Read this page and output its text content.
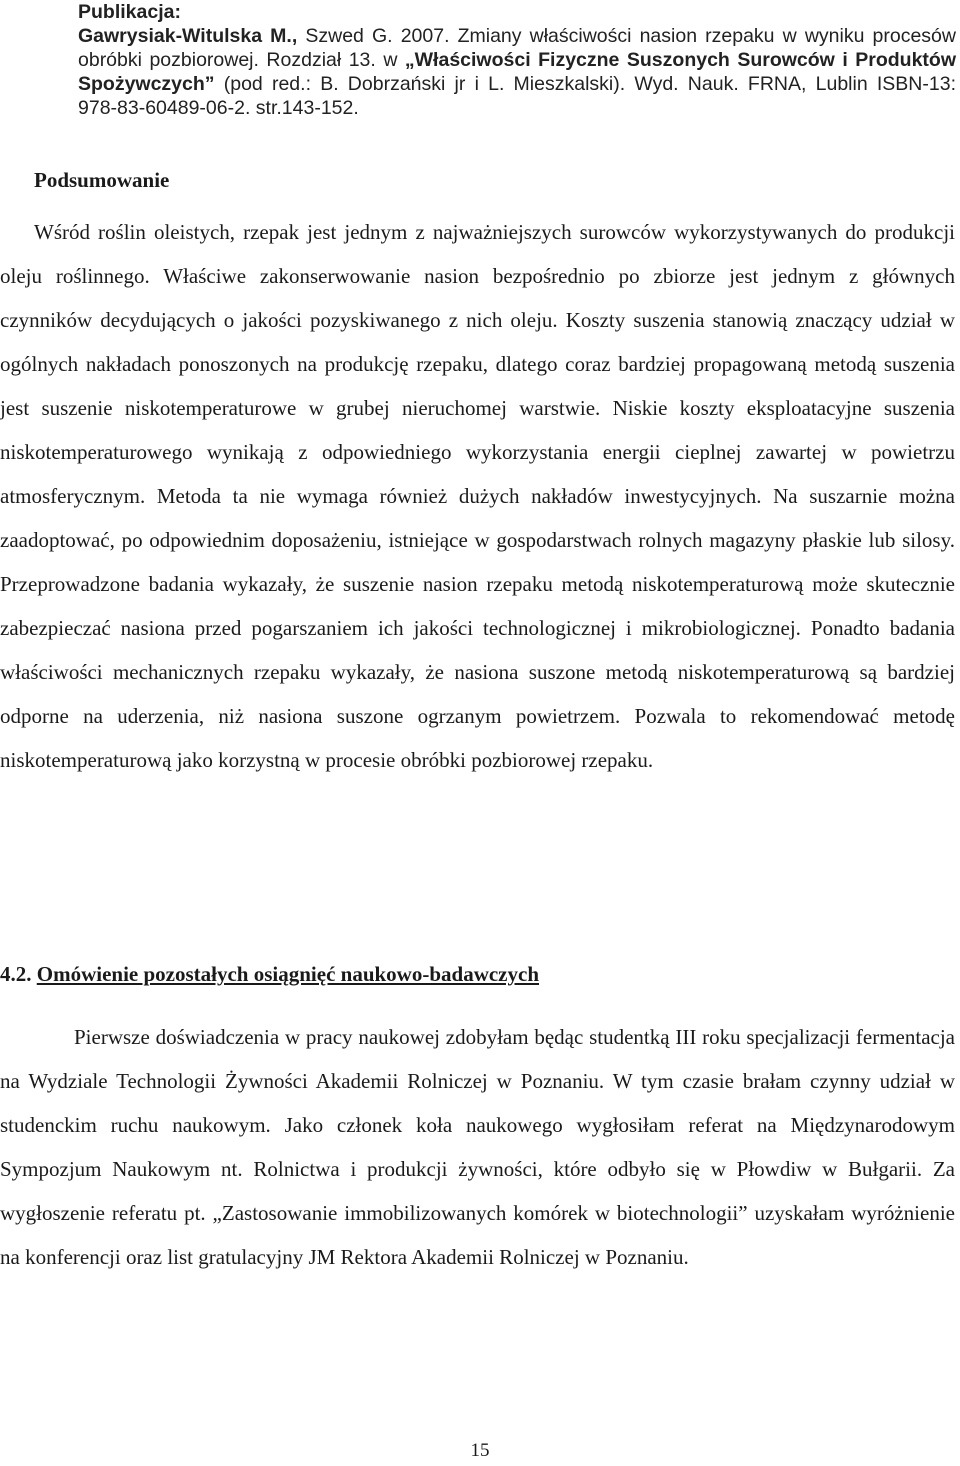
Publikacja:
Gawrysiak-Witulska M., Szwed G. 2007. Zmiany właściwości nasion rzepaku w wyniku procesów
obróbki pozbiorowej. Rozdział 13. w „Właściwości Fizyczne Suszonych Surowców i Produktów
Spożywczych” (pod red.: B. Dobrzański jr i L. Mieszkalski). Wyd. Nauk. FRNA, Lublin ISBN-13:
978-83-60489-06-2. str.143-152.
Podsumowanie

Wśród roślin oleistych, rzepak jest jednym z najważniejszych surowców wykorzystywanych do produkcji oleju roślinnego. Właściwe zakonserwowanie nasion bezpośrednio po zbiorze jest jednym z głównych czynników decydujących o jakości pozyskiwanego z nich oleju. Koszty suszenia stanowią znaczący udział w ogólnych nakładach ponoszonych na produkcję rzepaku, dlatego coraz bardziej propagowaną metodą suszenia jest suszenie niskotemperaturowe w grubej nieruchomej warstwie. Niskie koszty eksploatacyjne suszenia niskotemperaturowego wynikają z odpowiedniego wykorzystania energii cieplnej zawartej w powietrzu atmosferycznym. Metoda ta nie wymaga również dużych nakładów inwestycyjnych. Na suszarnie można zaadoptować, po odpowiednim doposażeniu, istniejące w gospodarstwach rolnych magazyny płaskie lub silosy. Przeprowadzone badania wykazały, że suszenie nasion rzepaku metodą niskotemperaturową może skutecznie zabezpieczać nasiona przed pogarszaniem ich jakości technologicznej i mikrobiologicznej. Ponadto badania właściwości mechanicznych rzepaku wykazały, że nasiona suszone metodą niskotemperaturową są bardziej odporne na uderzenia, niż nasiona suszone ogrzanym powietrzem. Pozwala to rekomendować metodę niskotemperaturową jako korzystną w procesie obróbki pozbiorowej rzepaku.

4.2. Omówienie pozostałych osiągnięć naukowo-badawczych

Pierwsze doświadczenia w pracy naukowej zdobyłam będąc studentką III roku specjalizacji fermentacja na Wydziale Technologii Żywności Akademii Rolniczej w Poznaniu. W tym czasie brałam czynny udział w studenckim ruchu naukowym. Jako członek koła naukowego wygłosiłam referat na Międzynarodowym Sympozjum Naukowym nt. Rolnictwa i produkcji żywności, które odbyło się w Płowdiw w Bułgarii. Za wygłoszenie referatu pt. „Zastosowanie immobilizowanych komórek w biotechnologii” uzyskałam wyróżnienie na konferencji oraz list gratulacyjny JM Rektora Akademii Rolniczej w Poznaniu.

15
